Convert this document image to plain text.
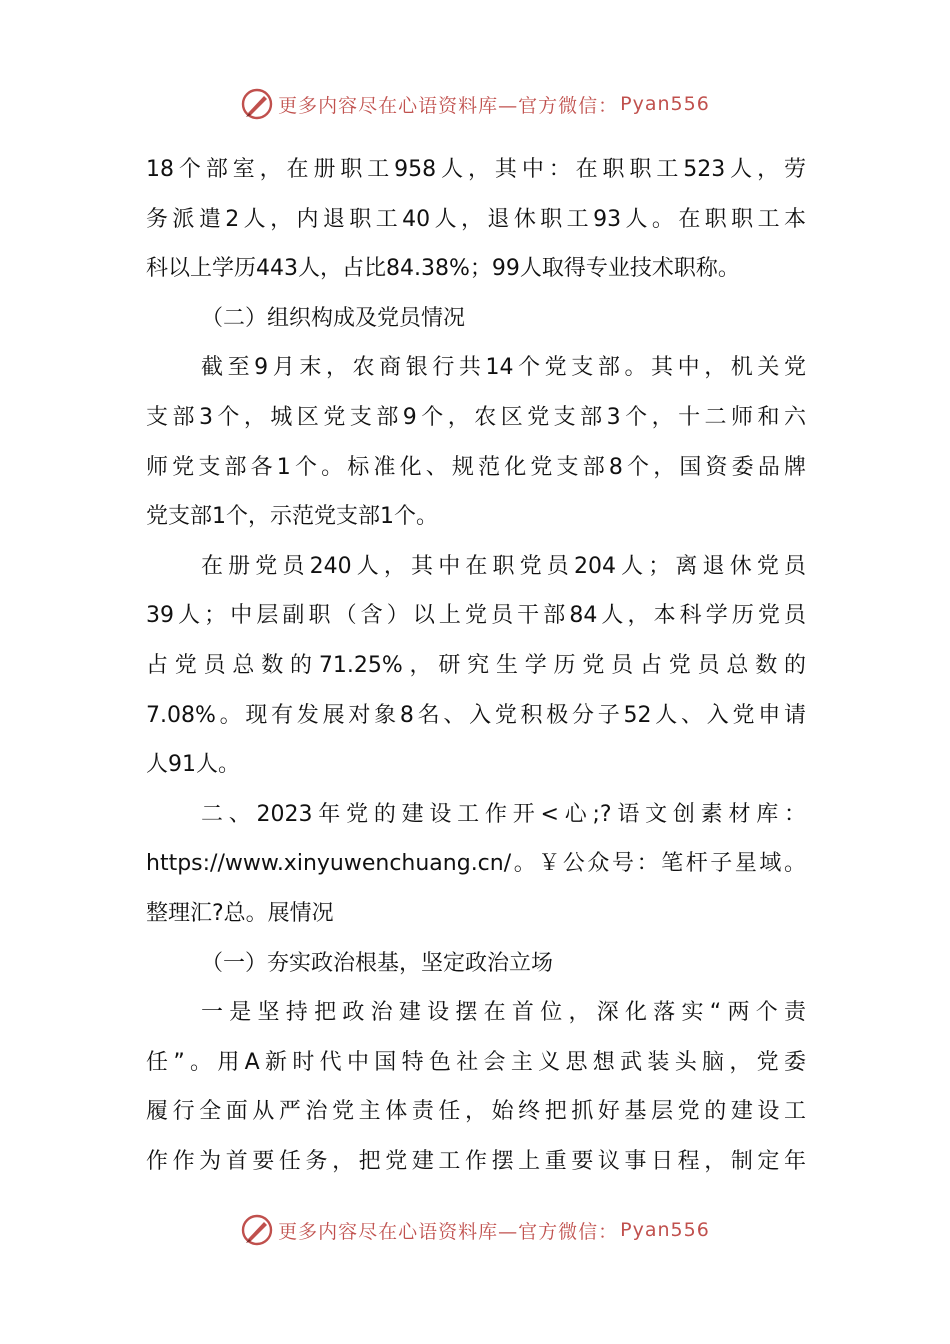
更多内容尽在心语资料库—官方微信： Pyan556

18个部室，在册职工958人，其中：在职职工523人，劳

务派遣2人，内退职工40人，退休职工93人。在职职工本

科以上学历443人，占比84.38%；99人取得专业技术职称。

（二）组织构成及党员情况

截至9月末，农商银行共14个党支部。其中，机关党

支部3个，城区党支部9个，农区党支部3个，十二师和六

师党支部各1个。标准化、规范化党支部8个，国资委品牌

党支部1个，示范党支部1个。

在册党员240人，其中在职党员204人；离退休党员

39人；中层副职（含）以上党员干部84人，本科学历党员

占党员总数的71.25%，研究生学历党员占党员总数的

7.08%。现有发展对象8名、入党积极分子52人、入党申请

人91人。

二、2023年党的建设工作开<心;?语文创素材库：

https://www.xinyuwenchuang.cn/。￥公众号：笔杆子星域。

整理汇?总。展情况

（一）夯实政治根基，坚定政治立场

一是坚持把政治建设摆在首位，深化落实“两个责

任”。用A新时代中国特色社会主义思想武装头脑，党委

履行全面从严治党主体责任，始终把抓好基层党的建设工

作作为首要任务，把党建工作摆上重要议事日程，制定年

更多内容尽在心语资料库—官方微信： Pyan556
